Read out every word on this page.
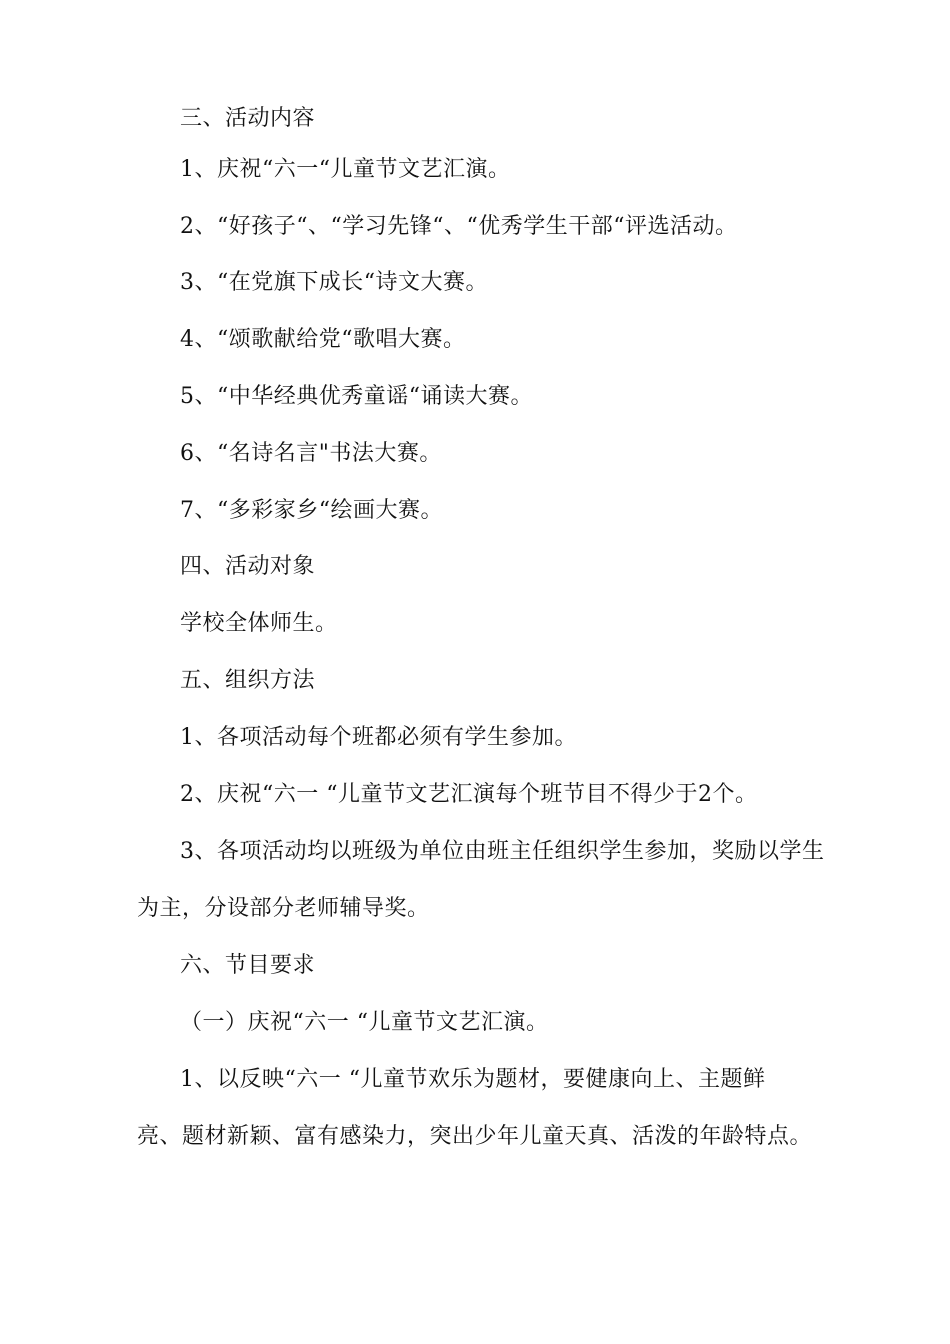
三、活动内容
1、庆祝“六一“儿童节文艺汇演。
2、“好孩子“、“学习先锋“、“优秀学生干部“评选活动。
3、“在党旗下成长“诗文大赛。
4、“颂歌献给党“歌唱大赛。
5、“中华经典优秀童谣“诵读大赛。
6、“名诗名言"书法大赛。
7、“多彩家乡“绘画大赛。
四、活动对象
学校全体师生。
五、组织方法
1、各项活动每个班都必须有学生参加。
2、庆祝“六一 “儿童节文艺汇演每个班节目不得少于2个。
3、各项活动均以班级为单位由班主任组织学生参加，奖励以学生
为主，分设部分老师辅导奖。
六、节目要求
（一）庆祝“六一 “儿童节文艺汇演。
1、以反映“六一 “儿童节欢乐为题材，要健康向上、主题鲜
亮、题材新颖、富有感染力，突出少年儿童天真、活泼的年龄特点。
